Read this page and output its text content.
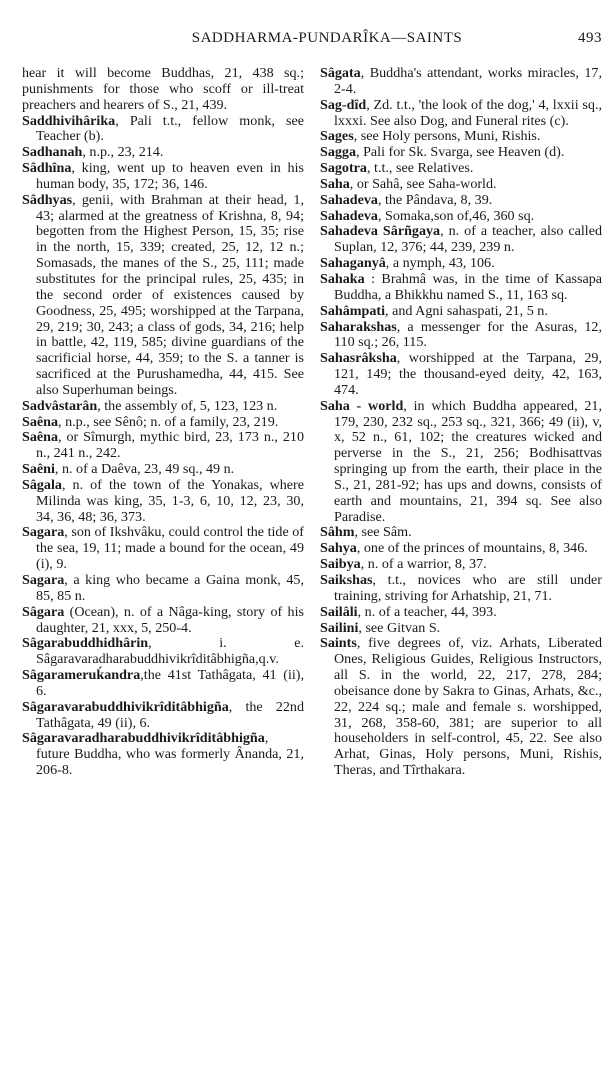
SADDHARMA-PUNDARÎKA—SAINTS	493

hear it will become Buddhas, 21, 438 sq.; punishments for those who scoff or ill-treat preachers and hearers of S., 21, 439.

Saddhivihârika, Pali t.t., fellow monk, see Teacher (b).

Sadhanah, n.p., 23, 214.

Sâdhîna, king, went up to heaven even in his human body, 35, 172; 36, 146.

Sâdhyas, genii, with Brahman at their head, 1, 43; alarmed at the greatness of Krishna, 8, 94; begotten from the Highest Person, 15, 35; rise in the north, 15, 339; created, 25, 12, 12 n.; Somasads, the manes of the S., 25, 111; made substitutes for the principal rules, 25, 435; in the second order of existences caused by Goodness, 25, 495; worshipped at the Tarpana, 29, 219; 30, 243; a class of gods, 34, 216; help in battle, 42, 119, 585; divine guardians of the sacrificial horse, 44, 359; to the S. a tanner is sacrificed at the Purushamedha, 44, 415. See also Superhuman beings.

Sadvâstarân, the assembly of, 5, 123, 123 n.

Saêna, n.p., see Sênô; n. of a family, 23, 219.

Saêna, or Sîmurgh, mythic bird, 23, 173 n., 210 n., 241 n., 242.

Saêni, n. of a Daêva, 23, 49 sq., 49 n.

Sâgala, n. of the town of the Yonakas, where Milinda was king, 35, 1-3, 6, 10, 12, 23, 30, 34, 36, 48; 36, 373.

Sagara, son of Ikshvâku, could control the tide of the sea, 19, 11; made a bound for the ocean, 49 (i), 9.

Sagara, a king who became a Gaina monk, 45, 85, 85 n.

Sâgara (Ocean), n. of a Nâga-king, story of his daughter, 21, xxx, 5, 250-4.

Sâgarabuddhidhârin, i. e. Sâgaravaradharabuddhivikrîditâbhigña,q.v.

Sâgarameruḱandra,the 41st Tathâgata, 41 (ii), 6.

Sâgaravarabuddhivikrîditâbhigña, the 22nd Tathâgata, 49 (ii), 6.

Sâgaravaradharabuddhivikrîditâbhigña, future Buddha, who was formerly Ânanda, 21, 206-8.

Sâgata, Buddha's attendant, works miracles, 17, 2-4.

Sag-dîd, Zd. t.t., 'the look of the dog,' 4, lxxii sq., lxxxi. See also Dog, and Funeral rites (c).

Sages, see Holy persons, Muni, Rishis.

Sagga, Pali for Sk. Svarga, see Heaven (d).

Sagotra, t.t., see Relatives.

Saha, or Sahâ, see Saha-world.

Sahadeva, the Pândava, 8, 39.

Sahadeva, Somaka,son of,46, 360 sq.

Sahadeva Sârñgaya, n. of a teacher, also called Suplan, 12, 376; 44, 239, 239 n.

Sahaganyâ, a nymph, 43, 106.

Sahaka : Brahmâ was, in the time of Kassapa Buddha, a Bhikkhu named S., 11, 163 sq.

Sahâmpati, and Agni sahaspati, 21, 5 n.

Saharakshas, a messenger for the Asuras, 12, 110 sq.; 26, 115.

Sahasrâksha, worshipped at the Tarpana, 29, 121, 149; the thousand-eyed deity, 42, 163, 474.

Saha - world, in which Buddha appeared, 21, 179, 230, 232 sq., 253 sq., 321, 366; 49 (ii), v, x, 52 n., 61, 102; the creatures wicked and perverse in the S., 21, 256; Bodhisattvas springing up from the earth, their place in the S., 21, 281-92; has ups and downs, consists of earth and mountains, 21, 394 sq. See also Paradise.

Sâhm, see Sâm.

Sahya, one of the princes of mountains, 8, 346.

Saibya, n. of a warrior, 8, 37.

Saikshas, t.t., novices who are still under training, striving for Arhatship, 21, 71.

Sailâli, n. of a teacher, 44, 393.

Sailini, see Gitvan S.

Saints, five degrees of, viz. Arhats, Liberated Ones, Religious Guides, Religious Instructors, all S. in the world, 22, 217, 278, 284; obeisance done by Sakra to Ginas, Arhats, &c., 22, 224 sq.; male and female s. worshipped, 31, 268, 358-60, 381; are superior to all householders in self-control, 45, 22. See also Arhat, Ginas, Holy persons, Muni, Rishis, Theras, and Tîrthakara.
